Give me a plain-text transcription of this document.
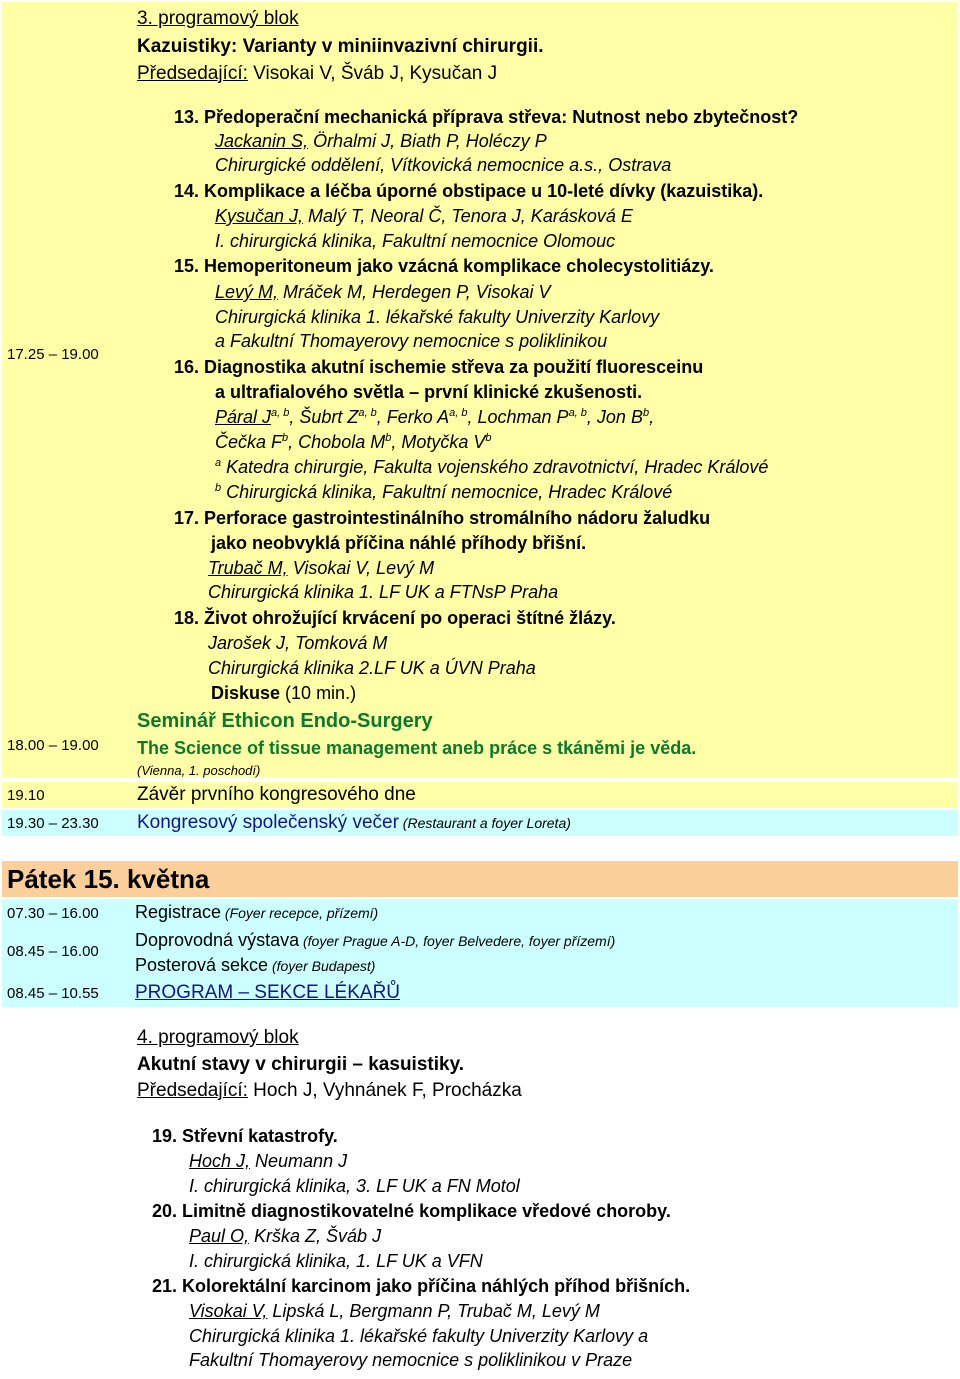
3. programový blok
Kazuistiky: Varianty v miniinvazivní chirurgii.
Předsedající: Visokai V, Šváb J, Kysučan J
17.25 – 19.00
13. Předoperační mechanická příprava střeva: Nutnost nebo zbytečnost?
Jackanin S, Örhalmi J, Biath P, Holéczy P
Chirurgické oddělení, Vítkovická nemocnice a.s., Ostrava
14. Komplikace a léčba úporné obstipace u 10-leté dívky (kazuistika).
Kysučan J, Malý T, Neoral Č, Tenora J, Karásková E
I. chirurgická klinika, Fakultní nemocnice Olomouc
15. Hemoperitoneum jako vzácná komplikace cholecystolitiázy.
Levý M, Mráček M, Herdegen P, Visokai V
Chirurgická klinika 1. lékařské fakulty Univerzity Karlovy
a Fakultní Thomayerovy nemocnice s poliklinikou
16. Diagnostika akutní ischemie střeva za použití fluoresceinu
a ultrafialového světla – první klinické zkušenosti.
Páral J$^{a, b}$, Šubrt Z$^{a, b}$, Ferko A$^{a, b}$, Lochman P$^{a, b}$, Jon $B^b$,
Čečka $F^b$, Chobola $M^b$, Motyčka $V^b$
$^a$ Katedra chirurgie, Fakulta vojenského zdravotnictví, Hradec Králové
$^b$ Chirurgická klinika, Fakultní nemocnice, Hradec Králové
17. Perforace gastrointestinálního stromálního nádoru žaludku
jako neobvyklá příčina náhlé příhody břišní.
Trubač M, Visokai V, Levý M
Chirurgická klinika 1. LF UK a FTNsP Praha
18. Život ohrožující krvácení po operaci štítné žlázy.
Jarošek J, Tomková M
Chirurgická klinika 2.LF UK a ÚVN Praha
Diskuse (10 min.)
Seminář Ethicon Endo-Surgery
18.00 – 19.00 The Science of tissue management aneb práce s tkáněmi je věda.
(Vienna, 1. poschodí)
19.10	Závěr prvního kongresového dne
19.30 – 23.30 Kongresový společenský večer (Restaurant a foyer Loreta)
Pátek 15. května
07.30 – 16.00 Registrace (Foyer recepce, přízemí)
08.45 – 16.00
Doprovodná výstava (foyer Prague A-D, foyer Belvedere, foyer přízemí)
Posterová sekce (foyer Budapest)
08.45 – 10.55 PROGRAM – SEKCE LÉKAŘŮ
4. programový blok
Akutní stavy v chirurgii – kasuistiky.
Předsedající: Hoch J, Vyhnánek F, Procházka
19. Střevní katastrofy.
Hoch J, Neumann J
I. chirurgická klinika, 3. LF UK a FN Motol
20. Limitně diagnostikovatelné komplikace vředové choroby.
Paul O, Krška Z, Šváb J
I. chirurgická klinika, 1. LF UK a VFN
21. Kolorektální karcinom jako příčina náhlých příhod břišních.
Visokai V, Lipská L, Bergmann P, Trubač M, Levý M
Chirurgická klinika 1. lékařské fakulty Univerzity Karlovy a
Fakultní Thomayerovy nemocnice s poliklinikou v Praze
